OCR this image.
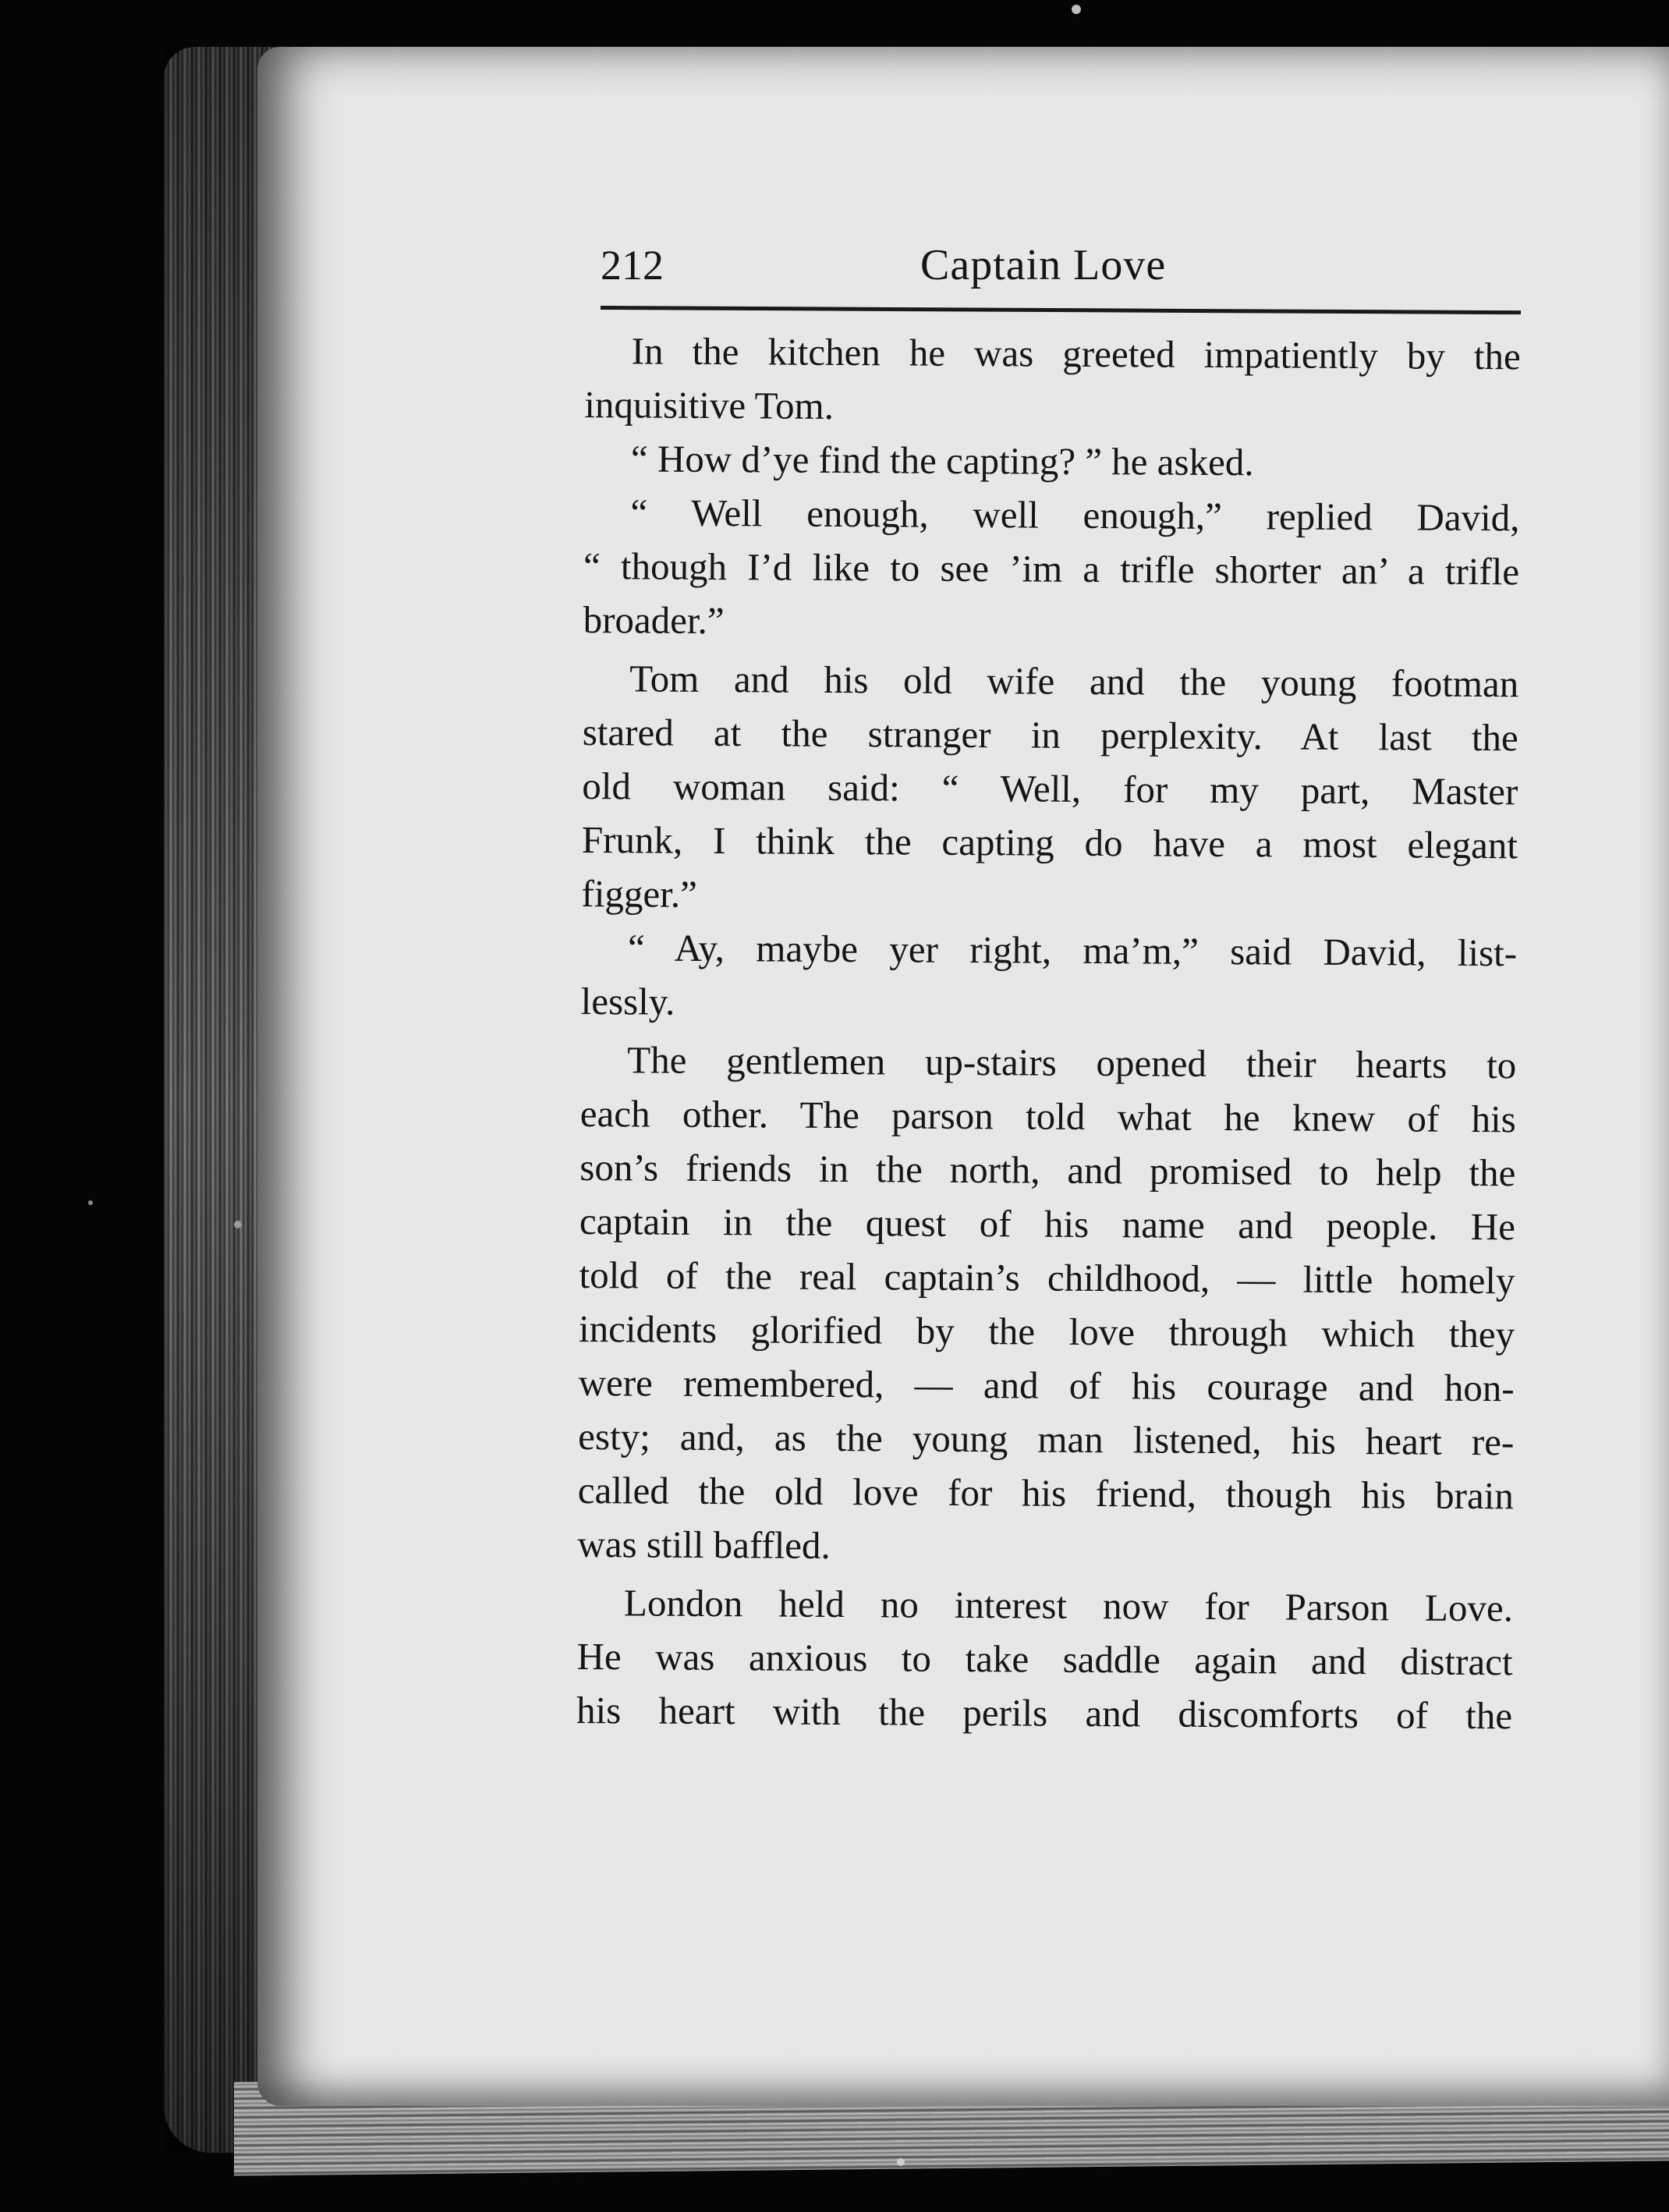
212	Captain Love
In the kitchen he was greeted impatiently by the
inquisitive Tom.
“ How d’ye find the capting? ” he asked.
“ Well enough, well enough,” replied David,
“ though I’d like to see ’im a trifle shorter an’ a trifle
broader.”
Tom and his old wife and the young footman
stared at the stranger in perplexity. At last the
old woman said: “ Well, for my part, Master
Frunk, I think the capting do have a most elegant
figger.”
“ Ay, maybe yer right, ma’m,” said David, list-
lessly.
The gentlemen up-stairs opened their hearts to
each other. The parson told what he knew of his
son’s friends in the north, and promised to help the
captain in the quest of his name and people. He
told of the real captain’s childhood, — little homely
incidents glorified by the love through which they
were remembered, — and of his courage and hon-
esty; and, as the young man listened, his heart re-
called the old love for his friend, though his brain
was still baffled.
London held no interest now for Parson Love.
He was anxious to take saddle again and distract
his heart with the perils and discomforts of the
